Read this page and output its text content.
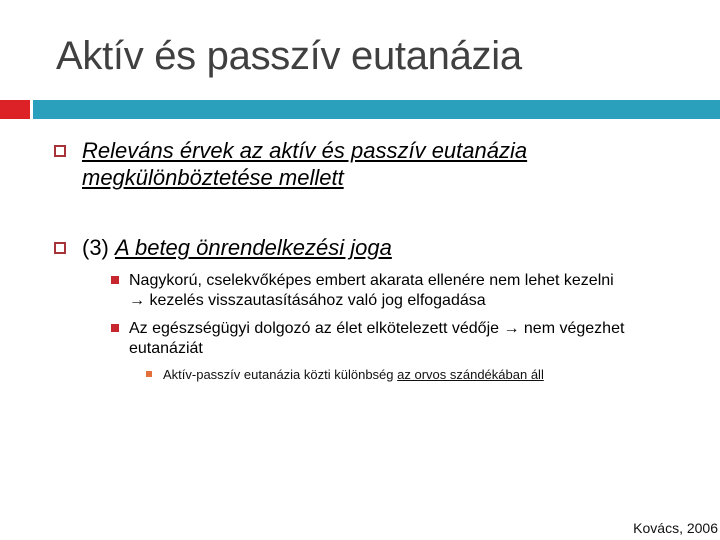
Aktív és passzív eutanázia
Releváns érvek az aktív és passzív eutanázia
megkülönböztetése mellett
(3) A beteg önrendelkezési joga
Nagykorú, cselekvőképes embert akarata ellenére nem lehet kezelni
→ kezelés visszautasításához való jog elfogadása
Az egészségügyi dolgozó az élet elkötelezett védője → nem végezhet
eutanáziát
Aktív-passzív eutanázia közti különbség az orvos szándékában áll
Kovács, 2006
